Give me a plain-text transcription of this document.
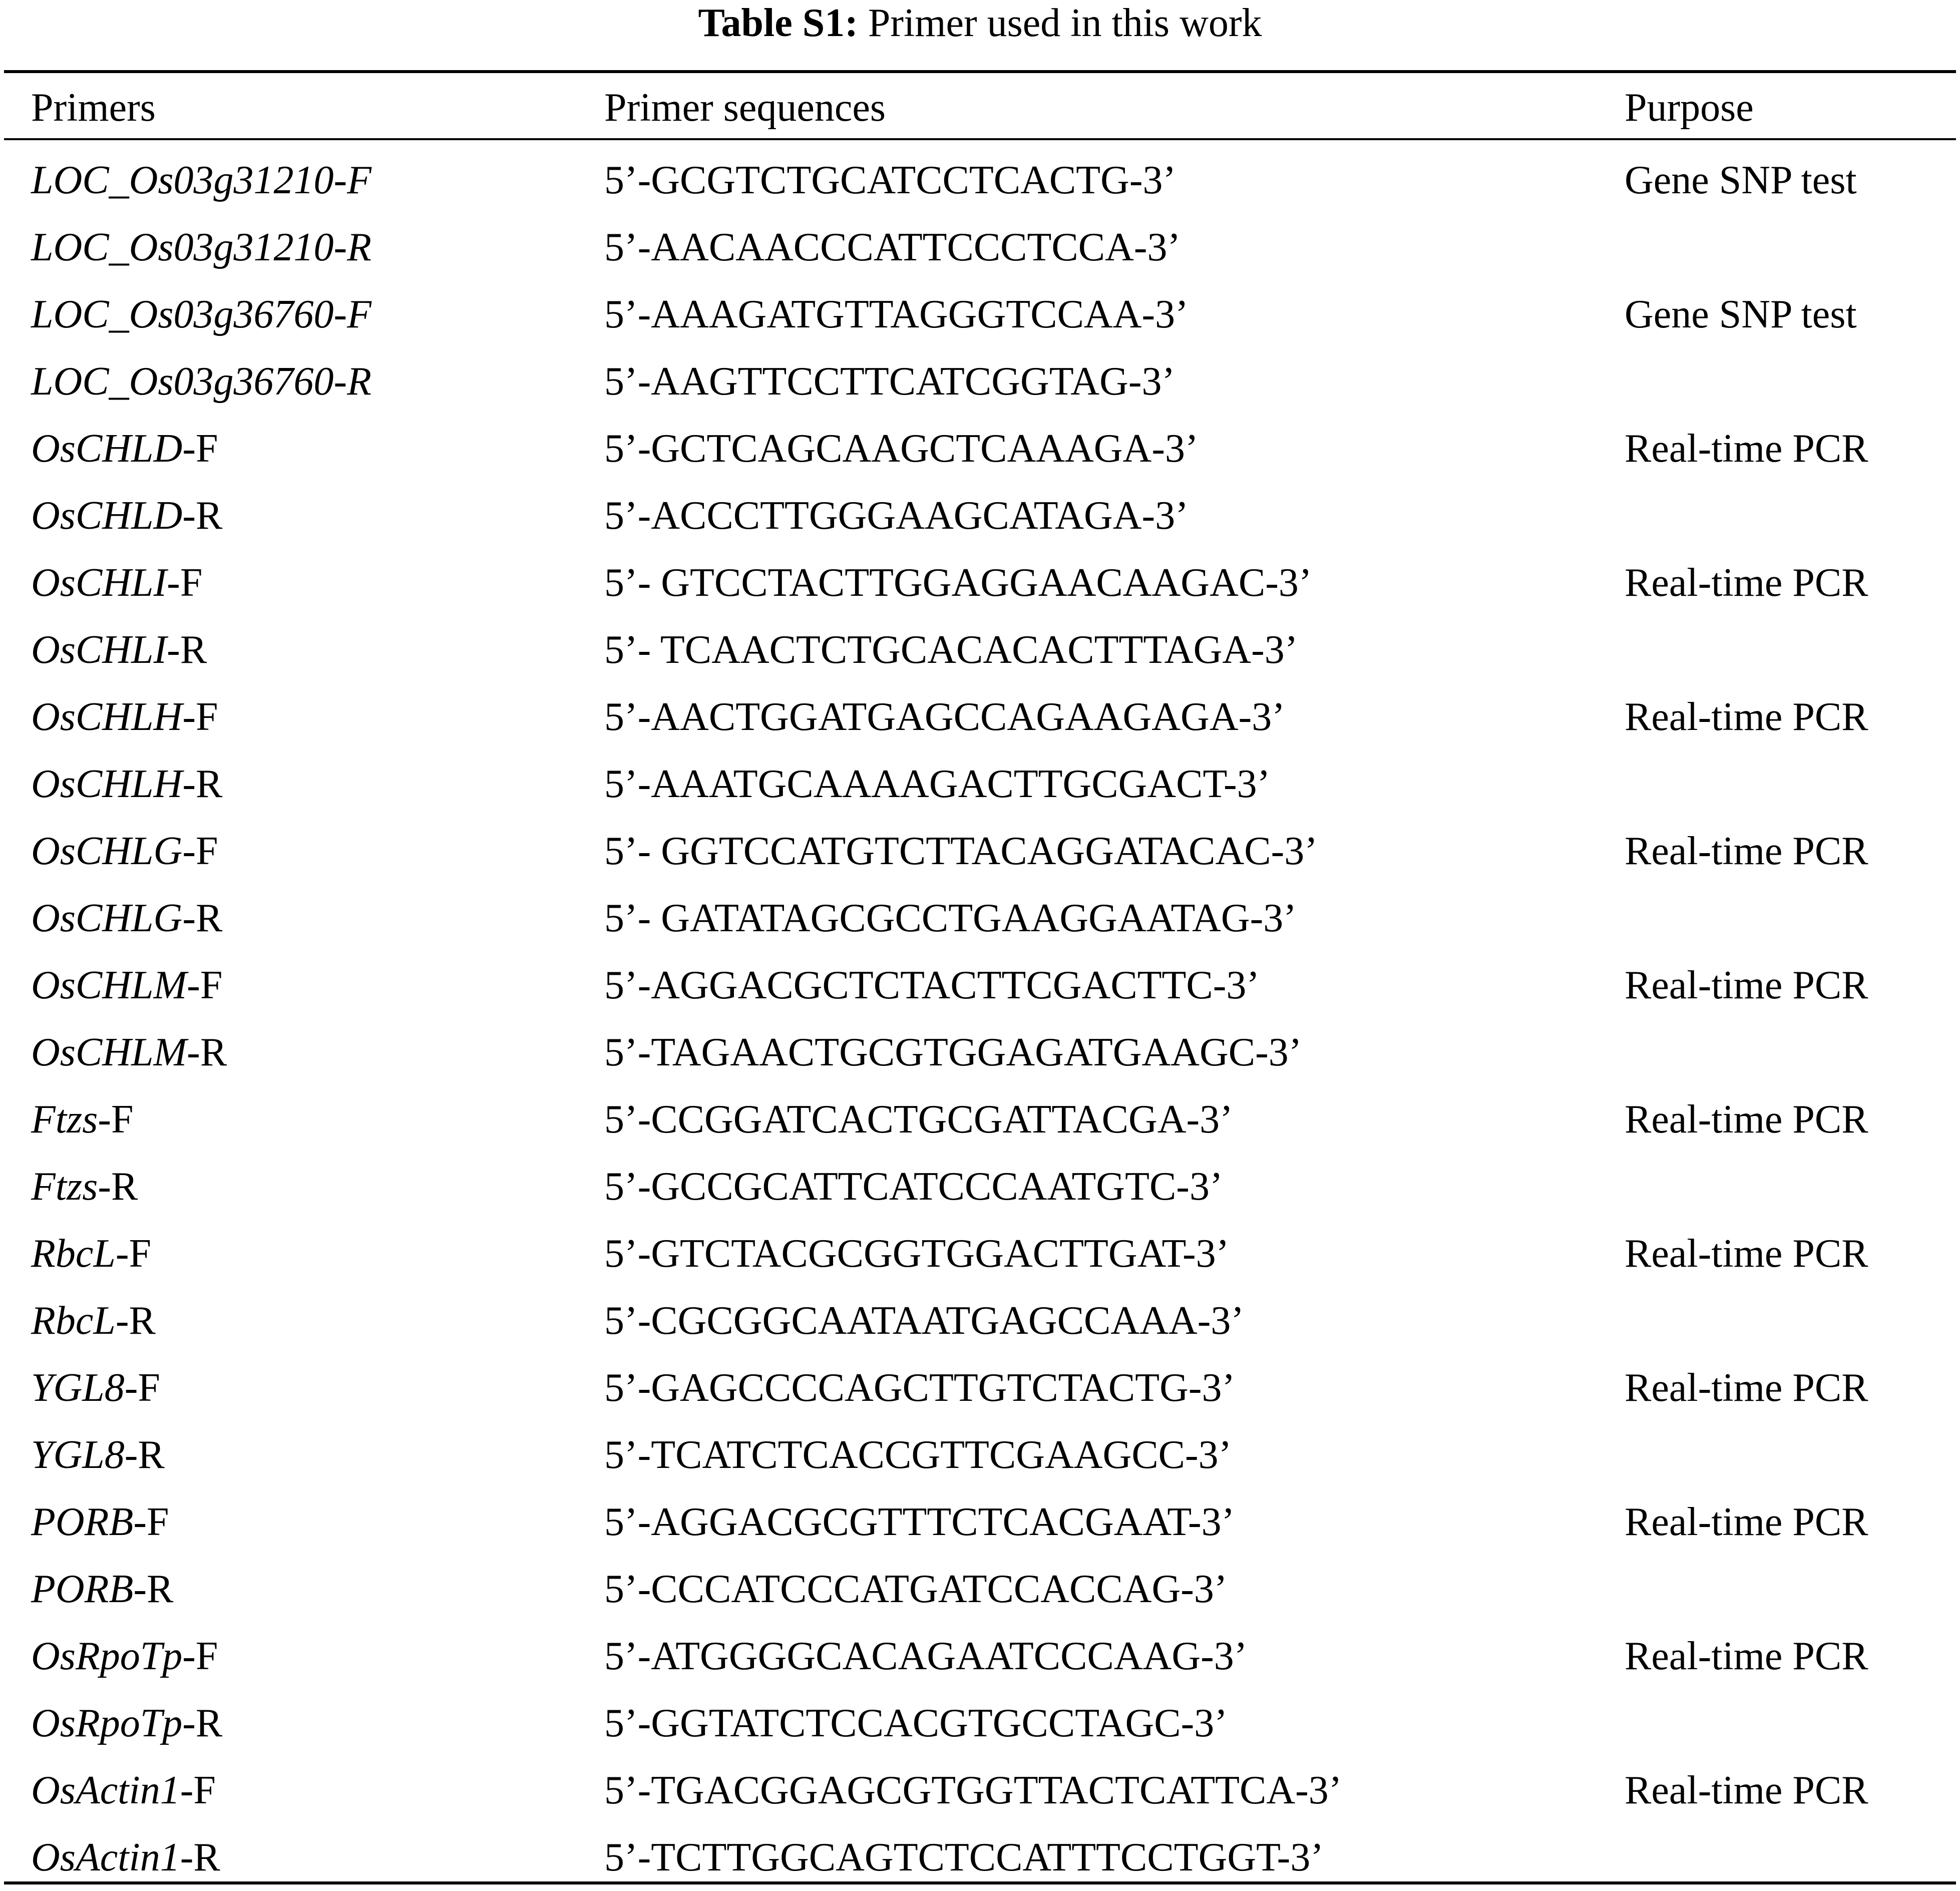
Table S1: Primer used in this work
Primers	Primer sequences	Purpose
LOC_Os03g31210-F	5’-GCGTCTGCATCCTCACTG-3’	Gene SNP test
LOC_Os03g31210-R	5’-AACAACCCATTCCCTCCA-3’
LOC_Os03g36760-F	5’-AAAGATGTTAGGGTCCAA-3’	Gene SNP test
LOC_Os03g36760-R	5’-AAGTTCCTTCATCGGTAG-3’
OsCHLD-F	5’-GCTCAGCAAGCTCAAAGA-3’	Real-time PCR
OsCHLD-R	5’-ACCCTTGGGAAGCATAGA-3’
OsCHLI-F	5’- GTCCTACTTGGAGGAACAAGAC-3’	Real-time PCR
OsCHLI-R	5’- TCAACTCTGCACACACTTTAGA-3’
OsCHLH-F	5’-AACTGGATGAGCCAGAAGAGA-3’	Real-time PCR
OsCHLH-R	5’-AAATGCAAAAGACTTGCGACT-3’
OsCHLG-F	5’- GGTCCATGTCTTACAGGATACAC-3’	Real-time PCR
OsCHLG-R	5’- GATATAGCGCCTGAAGGAATAG-3’
OsCHLM-F	5’-AGGACGCTCTACTTCGACTTC-3’	Real-time PCR
OsCHLM-R	5’-TAGAACTGCGTGGAGATGAAGC-3’
Ftzs-F	5’-CCGGATCACTGCGATTACGA-3’	Real-time PCR
Ftzs-R	5’-GCCGCATTCATCCCAATGTC-3’
RbcL-F	5’-GTCTACGCGGTGGACTTGAT-3’	Real-time PCR
RbcL-R	5’-CGCGGCAATAATGAGCCAAA-3’
YGL8-F	5’-GAGCCCCAGCTTGTCTACTG-3’	Real-time PCR
YGL8-R	5’-TCATCTCACCGTTCGAAGCC-3’
PORB-F	5’-AGGACGCGTTTCTCACGAAT-3’	Real-time PCR
PORB-R	5’-CCCATCCCATGATCCACCAG-3’
OsRpoTp-F	5’-ATGGGGCACAGAATCCCAAG-3’	Real-time PCR
OsRpoTp-R	5’-GGTATCTCCACGTGCCTAGC-3’
OsActin1-F	5’-TGACGGAGCGTGGTTACTCATTCA-3’	Real-time PCR
OsActin1-R	5’-TCTTGGCAGTCTCCATTTCCTGGT-3’
